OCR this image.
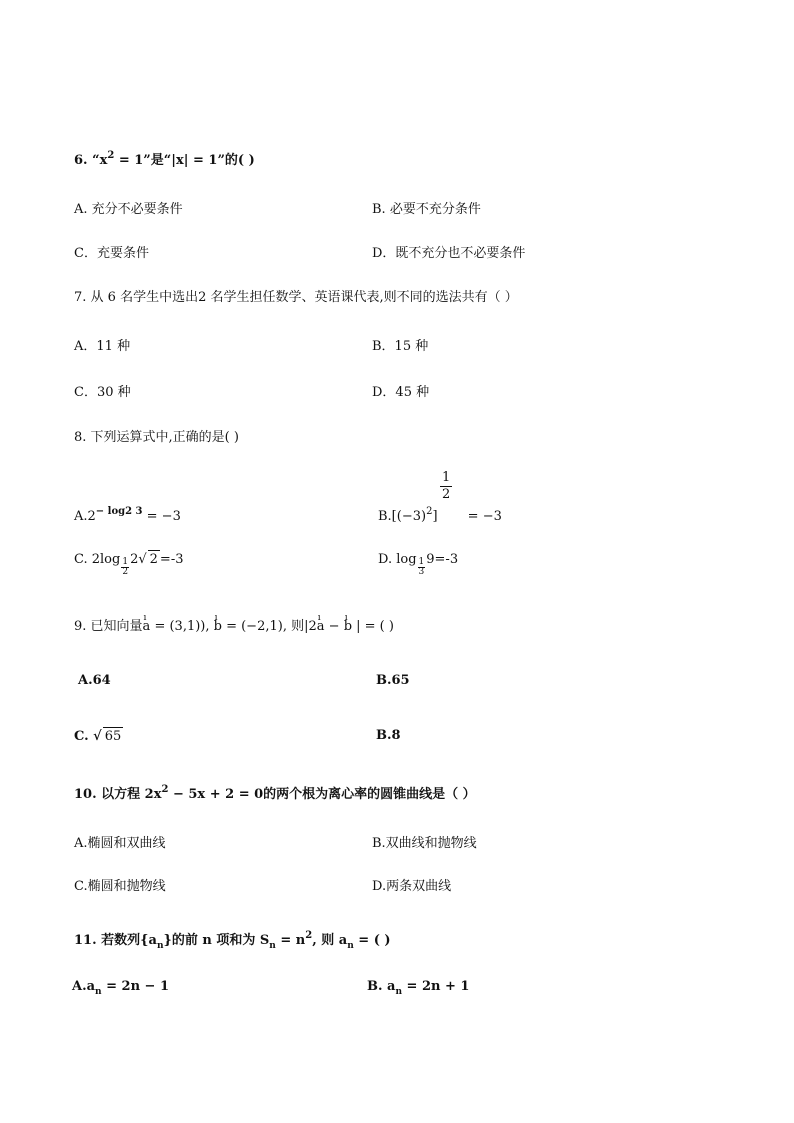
6. “$x^2 = 1$”是“|x| = 1”的( )
A. 充分不必要条件	B. 必要不充分条件
C．充要条件	D．既不充分也不必要条件
7. 从 6 名学生中选出2 名学生担任数学、英语课代表,则不同的选法共有（ ）
A．11 种	B．15 种
C．30 种	D．45 种
8. 下列运算式中,正确的是( )
$A.2^{- log2 3} = -3$	$B.[(-3)^2] = -3$
$\frac{1}{2}$
C. $2\log \frac{1}{2} 2√$ 2 =-3	D. $\log \frac{1}{3} 9=-3$
9. 已知向量ı a = (3,1)), ı b = (−2,1), 则|2ı a − ı b | = ( )
A.64	B.65
C. √ 65	B.8
10. 以方程 $2x^2 - 5x + 2 = 0$的两个根为离心率的圆锥曲线是（ ）
A.椭圆和双曲线	B.双曲线和抛物线
C.椭圆和抛物线	D.两条双曲线
11. 若数列$\{a_n\}$的前 n 项和为 $S_n = n^2$, 则 $a_n$ = ( )
$A.a_n = 2n - 1$	B. $a_n = 2n + 1$
